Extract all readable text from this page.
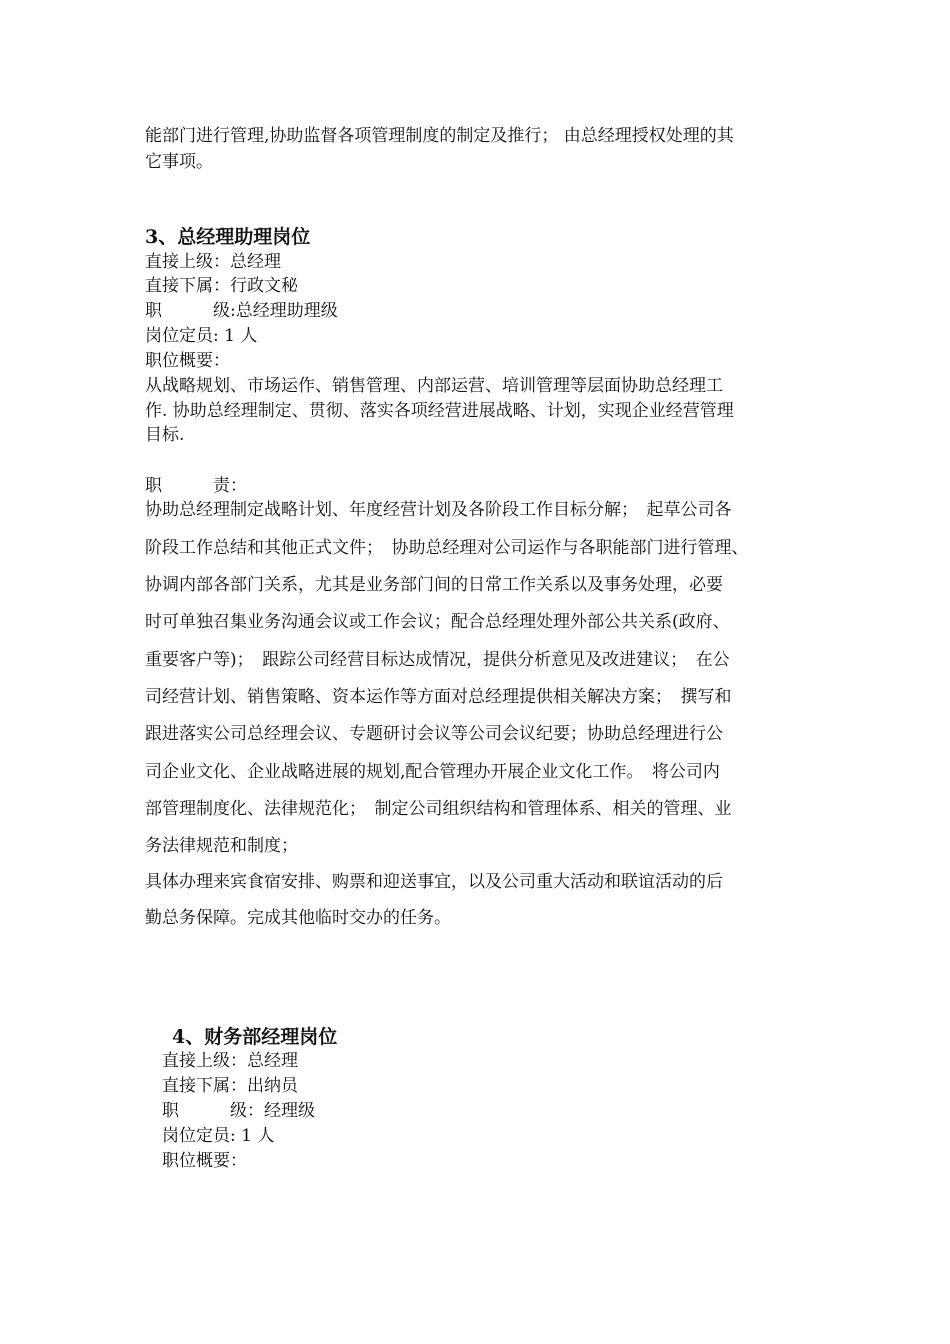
能部门进行管理,协助监督各项管理制度的制定及推行； 由总经理授权处理的其
它事项。
3、总经理助理岗位
直接上级：总经理
直接下属：行政文秘
职　　　级:总经理助理级
岗位定员: 1 人
职位概要：
从战略规划、市场运作、销售管理、内部运营、培训管理等层面协助总经理工
作. 协助总经理制定、贯彻、落实各项经营进展战略、计划，实现企业经营管理
目标.
职　　　责：
协助总经理制定战略计划、年度经营计划及各阶段工作目标分解；　起草公司各
阶段工作总结和其他正式文件；　协助总经理对公司运作与各职能部门进行管理、
协调内部各部门关系，尤其是业务部门间的日常工作关系以及事务处理，必要
时可单独召集业务沟通会议或工作会议；配合总经理处理外部公共关系(政府、
重要客户等)；　跟踪公司经营目标达成情况，提供分析意见及改进建议；　在公
司经营计划、销售策略、资本运作等方面对总经理提供相关解决方案；　撰写和
跟进落实公司总经理会议、专题研讨会议等公司会议纪要；协助总经理进行公
司企业文化、企业战略进展的规划,配合管理办开展企业文化工作。　将公司内
部管理制度化、法律规范化；　制定公司组织结构和管理体系、相关的管理、业
务法律规范和制度；
具体办理来宾食宿安排、购票和迎送事宜，以及公司重大活动和联谊活动的后
勤总务保障。完成其他临时交办的任务。
4、财务部经理岗位
直接上级：总经理
直接下属：出纳员
职　　　级：经理级
岗位定员: 1 人
职位概要：
